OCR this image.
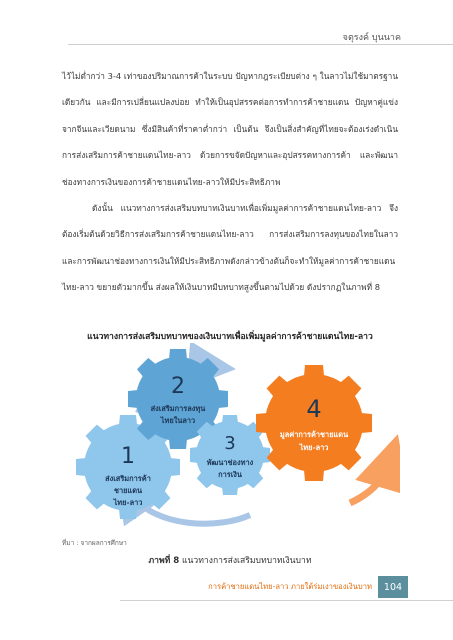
จตุรงค์ บุนนาค

ไว้ไม่ต่ำกว่า 3-4 เท่าของปริมาณการค้าในระบบ ปัญหากฎระเบียบต่าง ๆ ในลาวไม่ใช้มาตรฐานเดียวกัน และมีการเปลี่ยนแปลงบ่อย ทำให้เป็นอุปสรรคต่อการทำการค้าชายแดน ปัญหาคู่แข่งจากจีนและเวียดนาม ซึ่งมีสินค้าที่ราคาต่ำกว่า เป็นต้น จึงเป็นสิ่งสำคัญที่ไทยจะต้องเร่งดำเนินการส่งเสริมการค้าชายแดนไทย-ลาว ด้วยการขจัดปัญหาและอุปสรรคทางการค้า และพัฒนาช่องทางการเงินของการค้าชายแดนไทย-ลาวให้มีประสิทธิภาพ

ดังนั้น แนวทางการส่งเสริมบทบาทเงินบาทเพื่อเพิ่มมูลค่าการค้าชายแดนไทย-ลาว จึงต้องเริ่มต้นด้วยวิธีการส่งเสริมการค้าชายแดนไทย-ลาว การส่งเสริมการลงทุนของไทยในลาว และการพัฒนาช่องทางการเงินให้มีประสิทธิภาพดังกล่าวข้างต้นก็จะทำให้มูลค่าการค้าชายแดนไทย-ลาว ขยายตัวมากขึ้น ส่งผลให้เงินบาทมีบทบาทสูงขึ้นตามไปด้วย ดังปรากฏในภาพที่ 8

แนวทางการส่งเสริมบทบาทของเงินบาทเพื่อเพิ่มมูลค่าการค้าชายแดนไทย-ลาว
1
ส่งเสริมการค้า
ชายแดน
ไทย-ลาว
2
ส่งเสริมการลงทุน
ไทยในลาว
3
พัฒนาช่องทาง
การเงิน
4
มูลค่าการค้าชายแดน
ไทย-ลาว
ที่มา : จากผลการศึกษา
ภาพที่ 8 แนวทางการส่งเสริมบทบาทเงินบาท
การค้าชายแดนไทย-ลาว ภายใต้ร่มเงาของเงินบาท	104
